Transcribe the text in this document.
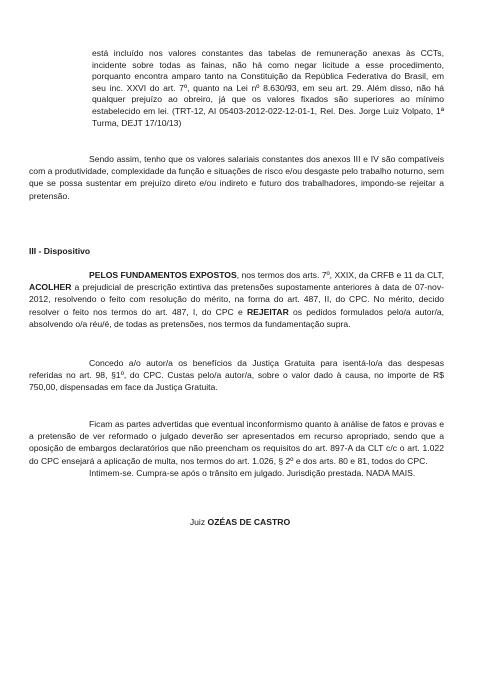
está incluído nos valores constantes das tabelas de remuneração anexas às CCTs, incidente sobre todas as fainas, não há como negar licitude a esse procedimento, porquanto encontra amparo tanto na Constituição da República Federativa do Brasil, em seu inc. XXVI do art. 7º, quanto na Lei nº 8.630/93, em seu art. 29. Além disso, não há qualquer prejuízo ao obreiro, já que os valores fixados são superiores ao mínimo estabelecido em lei. (TRT-12, AI 05403-2012-022-12-01-1, Rel. Des. Jorge Luiz Volpato, 1ª Turma, DEJT 17/10/13)

Sendo assim, tenho que os valores salariais constantes dos anexos III e IV são compatíveis com a produtividade, complexidade da função e situações de risco e/ou desgaste pelo trabalho noturno, sem que se possa sustentar em prejuízo direto e/ou indireto e futuro dos trabalhadores, impondo-se rejeitar a pretensão.

III - Dispositivo

PELOS FUNDAMENTOS EXPOSTOS, nos termos dos arts. 7º, XXIX, da CRFB e 11 da CLT, ACOLHER a prejudicial de prescrição extintiva das pretensões supostamente anteriores à data de 07-nov-2012, resolvendo o feito com resolução do mérito, na forma do art. 487, II, do CPC. No mérito, decido resolver o feito nos termos do art. 487, I, do CPC e REJEITAR os pedidos formulados pelo/a autor/a, absolvendo o/a réu/é, de todas as pretensões, nos termos da fundamentação supra.

Concedo a/o autor/a os benefícios da Justiça Gratuita para isentá-lo/a das despesas referidas no art. 98, §1º, do CPC. Custas pelo/a autor/a, sobre o valor dado à causa, no importe de R$ 750,00, dispensadas em face da Justiça Gratuita.

Ficam as partes advertidas que eventual inconformismo quanto à análise de fatos e provas e a pretensão de ver reformado o julgado deverão ser apresentados em recurso apropriado, sendo que a oposição de embargos declaratórios que não preencham os requisitos do art. 897-A da CLT c/c o art. 1.022 do CPC ensejará a aplicação de multa, nos termos do art. 1.026, § 2º e dos arts. 80 e 81, todos do CPC.

Intimem-se. Cumpra-se após o trânsito em julgado. Jurisdição prestada. NADA MAIS.

Juiz OZÉAS DE CASTRO
